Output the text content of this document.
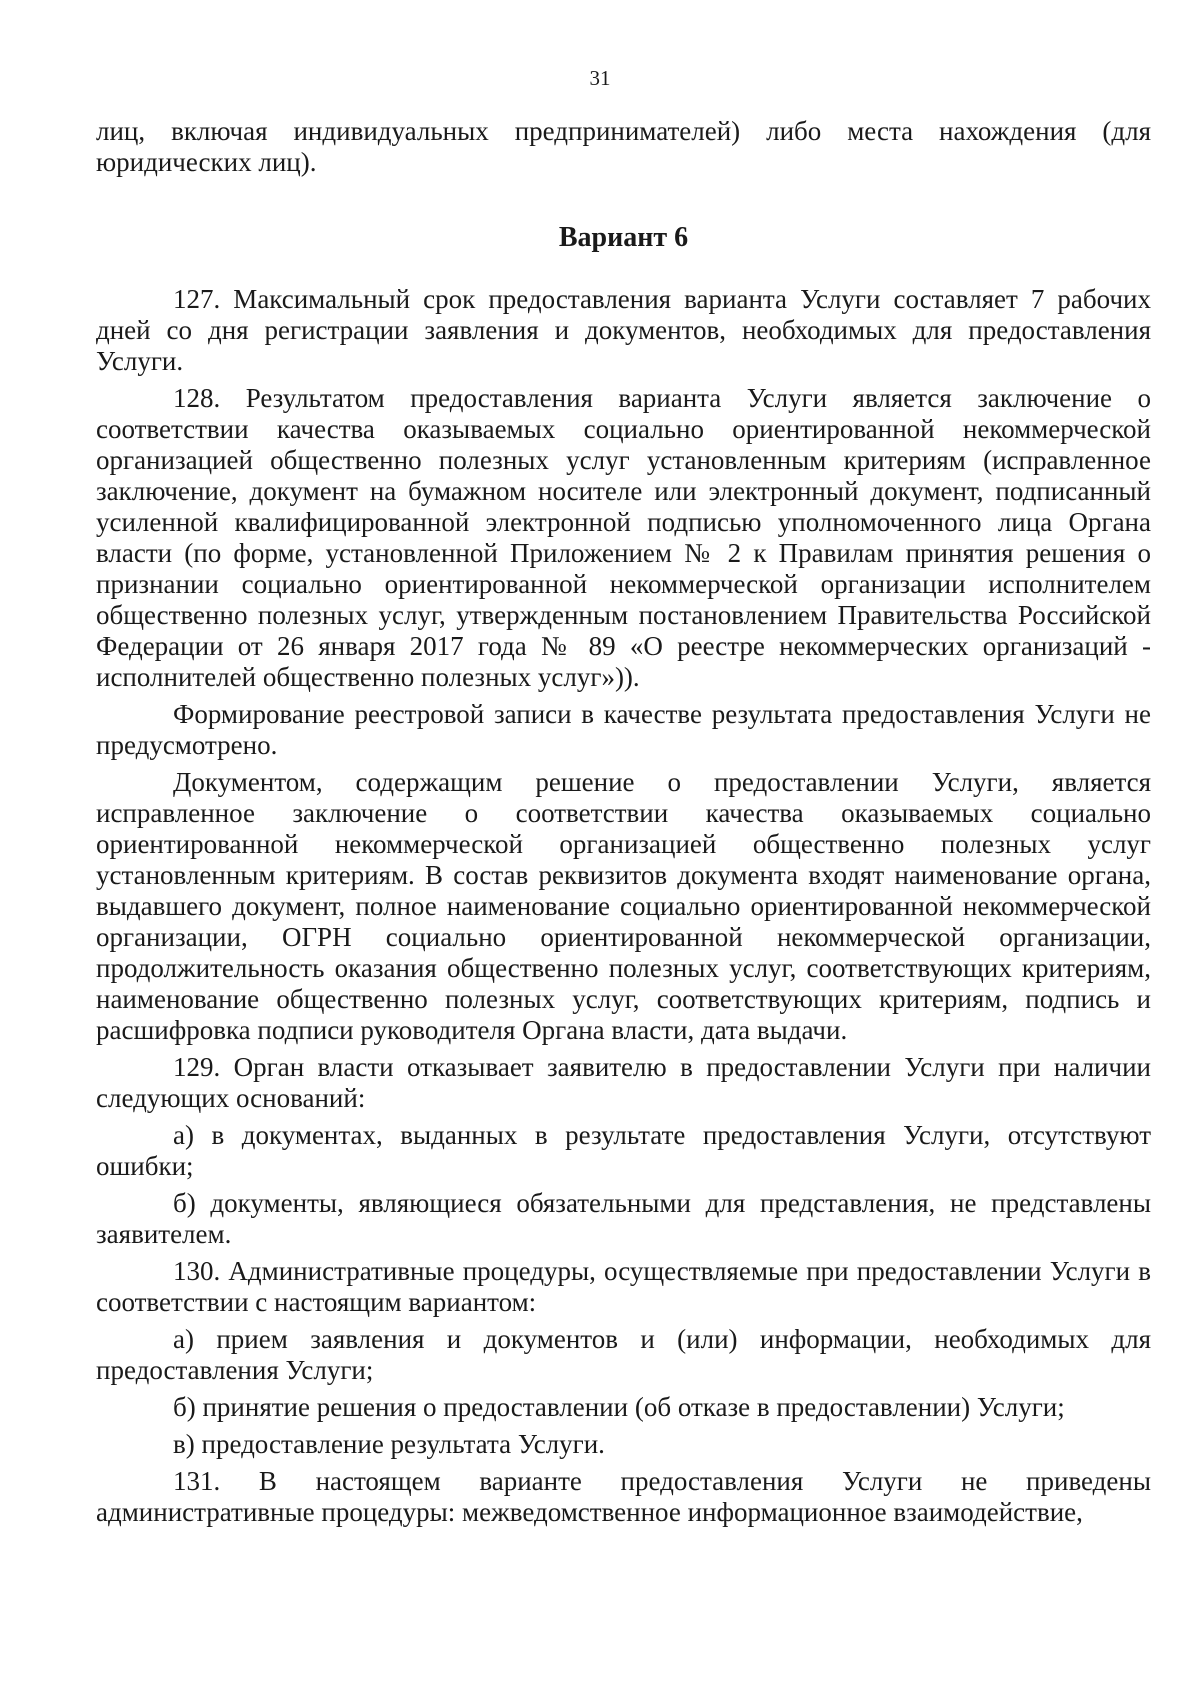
31

лиц, включая индивидуальных предпринимателей) либо места нахождения (для юридических лиц).

Вариант 6

127. Максимальный срок предоставления варианта Услуги составляет 7 рабочих дней со дня регистрации заявления и документов, необходимых для предоставления Услуги.

128. Результатом предоставления варианта Услуги является заключение о соответствии качества оказываемых социально ориентированной некоммерческой организацией общественно полезных услуг установленным критериям (исправленное заключение, документ на бумажном носителе или электронный документ, подписанный усиленной квалифицированной электронной подписью уполномоченного лица Органа власти (по форме, установленной Приложением № 2 к Правилам принятия решения о признании социально ориентированной некоммерческой организации исполнителем общественно полезных услуг, утвержденным постановлением Правительства Российской Федерации от 26 января 2017 года № 89 «О реестре некоммерческих организаций - исполнителей общественно полезных услуг»)).

Формирование реестровой записи в качестве результата предоставления Услуги не предусмотрено.

Документом, содержащим решение о предоставлении Услуги, является исправленное заключение о соответствии качества оказываемых социально ориентированной некоммерческой организацией общественно полезных услуг установленным критериям. В состав реквизитов документа входят наименование органа, выдавшего документ, полное наименование социально ориентированной некоммерческой организации, ОГРН социально ориентированной некоммерческой организации, продолжительность оказания общественно полезных услуг, соответствующих критериям, наименование общественно полезных услуг, соответствующих критериям, подпись и расшифровка подписи руководителя Органа власти, дата выдачи.

129. Орган власти отказывает заявителю в предоставлении Услуги при наличии следующих оснований:

а) в документах, выданных в результате предоставления Услуги, отсутствуют ошибки;

б) документы, являющиеся обязательными для представления, не представлены заявителем.

130. Административные процедуры, осуществляемые при предоставлении Услуги в соответствии с настоящим вариантом:

а) прием заявления и документов и (или) информации, необходимых для предоставления Услуги;

б) принятие решения о предоставлении (об отказе в предоставлении) Услуги;

в) предоставление результата Услуги.

131. В настоящем варианте предоставления Услуги не приведены административные процедуры: межведомственное информационное взаимодействие,
